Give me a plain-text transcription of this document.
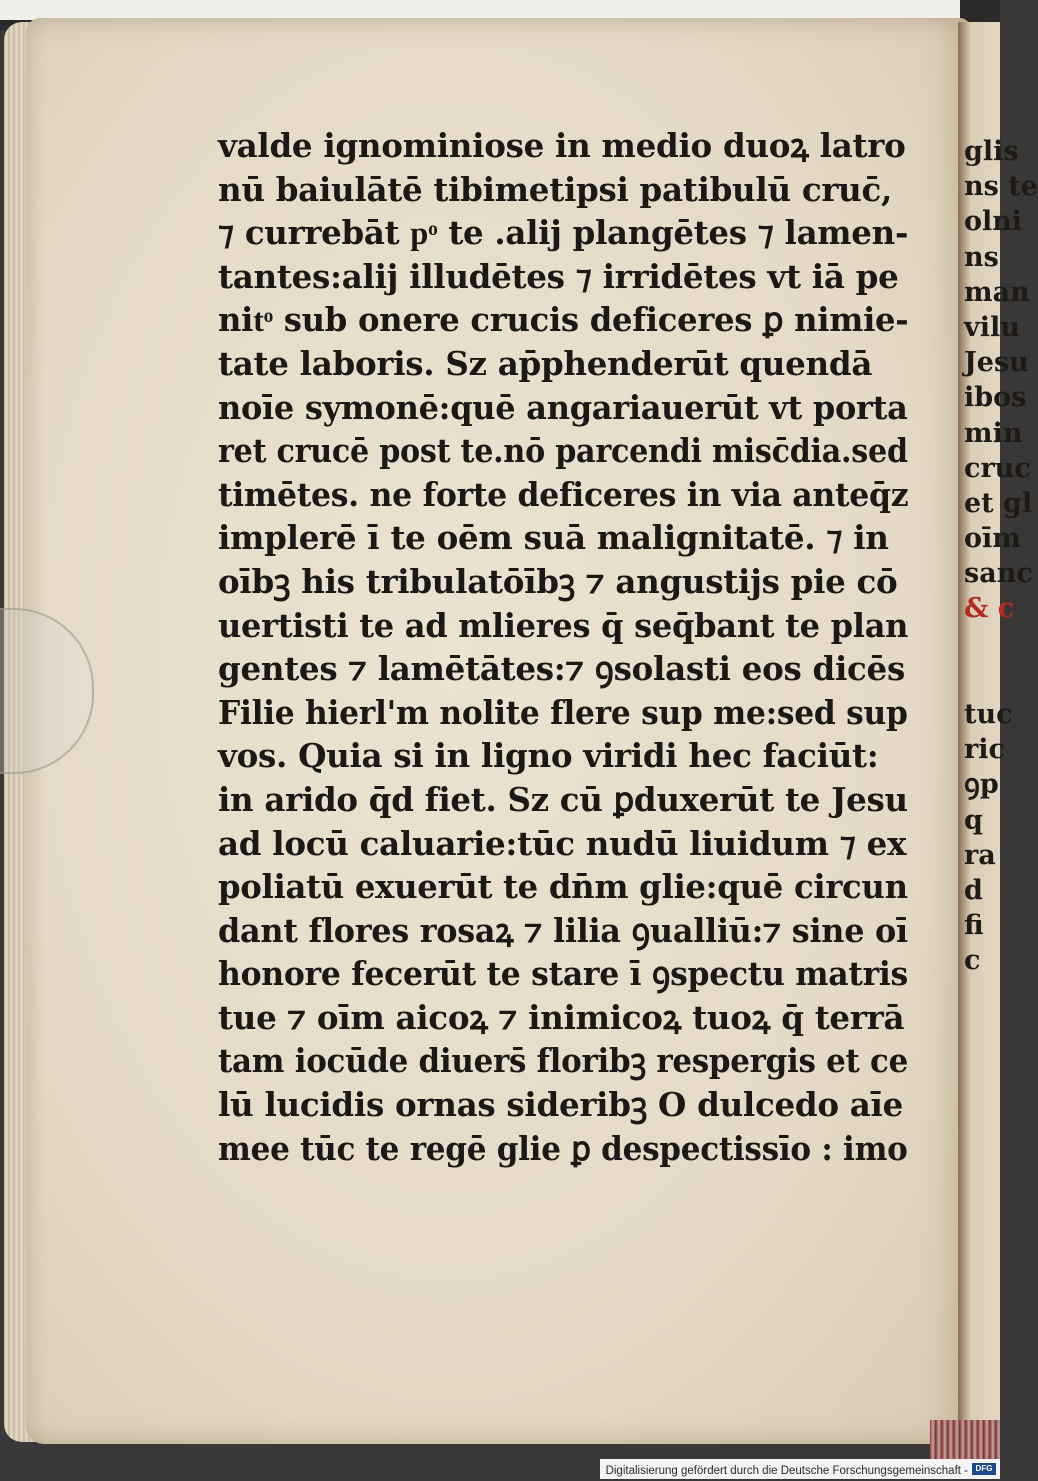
glis
ns te
olni
ns
man
vilu
Jesu
ibos
min
cruc
et gl
oīm
sanc
& c
tuc
ric
ꝯp
q
ra
d
fi
c
valde ignominiose in medio duoꝝ latro
nū baiulātē tibimetipsi patibulū cruc̄,
⁊ currebāt pͦ te .alij plangētes ⁊ lamen-
tantes:alij illudētes ⁊ irridētes vt iā pe
nitͦ sub onere crucis deficeres ꝑ nimie-
tate laboris. Sz ap̄phenderūt quendā
noīe symonē:quē angariauerūt vt porta
ret crucē post te.nō parcendi misc̄dia.sed
timētes. ne forte deficeres in via anteq̄z
implerē ī te oēm suā malignitatē. ⁊ in
oībꝫ his tribulatōībꝫ ⁊ angustijs pie cō
uertisti te ad mlieres q̄ seq̄bant te plan
gentes ⁊ lamētātes:⁊ ꝯsolasti eos dicēs
Filie hierl'm nolite flere sup me:sed sup
vos. Quia si in ligno viridi hec faciūt:
in arido q̄d fiet. Sz cū ꝑduxerūt te Jesu
ad locū caluarie:tūc nudū liuidum ⁊ ex
poliatū exuerūt te dn̄m glie:quē circun
dant flores rosaꝝ ⁊ lilia ꝯualliū:⁊ sine oī
honore fecerūt te stare ī ꝯspectu matris
tue ⁊ oīm aicoꝝ ⁊ inimicoꝝ tuoꝝ q̄ terrā
tam iocūde diuers̄ floribꝫ respergis et ce
lū lucidis ornas sideribꝫ O dulcedo aīe
mee tūc te regē glie ꝑ despectissīo : imo
Digitalisierung gefördert durch die Deutsche Forschungsgemeinschaft - DFG
